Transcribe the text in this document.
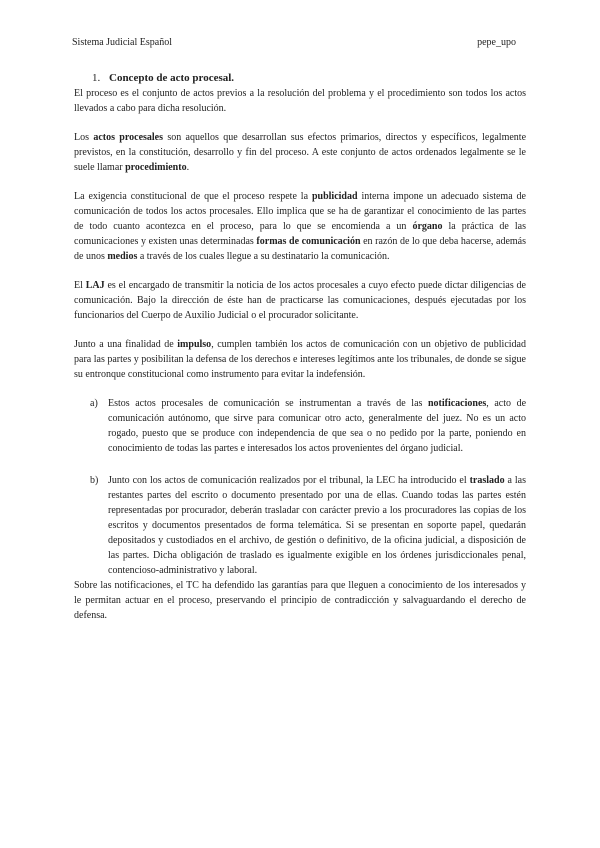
Sistema Judicial Español	pepe_upo
1. Concepto de acto procesal.

El proceso es el conjunto de actos previos a la resolución del problema y el procedimiento son todos los actos llevados a cabo para dicha resolución.

Los actos procesales son aquellos que desarrollan sus efectos primarios, directos y específicos, legalmente previstos, en la constitución, desarrollo y fin del proceso. A este conjunto de actos ordenados legalmente se le suele llamar procedimiento.

La exigencia constitucional de que el proceso respete la publicidad interna impone un adecuado sistema de comunicación de todos los actos procesales. Ello implica que se ha de garantizar el conocimiento de las partes de todo cuanto acontezca en el proceso, para lo que se encomienda a un órgano la práctica de las comunicaciones y existen unas determinadas formas de comunicación en razón de lo que deba hacerse, además de unos medios a través de los cuales llegue a su destinatario la comunicación.

El LAJ es el encargado de transmitir la noticia de los actos procesales a cuyo efecto puede dictar diligencias de comunicación. Bajo la dirección de éste han de practicarse las comunicaciones, después ejecutadas por los funcionarios del Cuerpo de Auxilio Judicial o el procurador solicitante.

Junto a una finalidad de impulso, cumplen también los actos de comunicación con un objetivo de publicidad para las partes y posibilitan la defensa de los derechos e intereses legítimos ante los tribunales, de donde se sigue su entronque constitucional como instrumento para evitar la indefensión.

a) Estos actos procesales de comunicación se instrumentan a través de las notificaciones, acto de comunicación autónomo, que sirve para comunicar otro acto, generalmente del juez. No es un acto rogado, puesto que se produce con independencia de que sea o no pedido por la parte, poniendo en conocimiento de todas las partes e interesados los actos provenientes del órgano judicial.

b) Junto con los actos de comunicación realizados por el tribunal, la LEC ha introducido el traslado a las restantes partes del escrito o documento presentado por una de ellas. Cuando todas las partes estén representadas por procurador, deberán trasladar con carácter previo a los procuradores las copias de los escritos y documentos presentados de forma telemática. Si se presentan en soporte papel, quedarán depositados y custodiados en el archivo, de gestión o definitivo, de la oficina judicial, a disposición de las partes. Dicha obligación de traslado es igualmente exigible en los órdenes jurisdiccionales penal, contencioso-administrativo y laboral.

Sobre las notificaciones, el TC ha defendido las garantías para que lleguen a conocimiento de los interesados y le permitan actuar en el proceso, preservando el principio de contradicción y salvaguardando el derecho de defensa.
